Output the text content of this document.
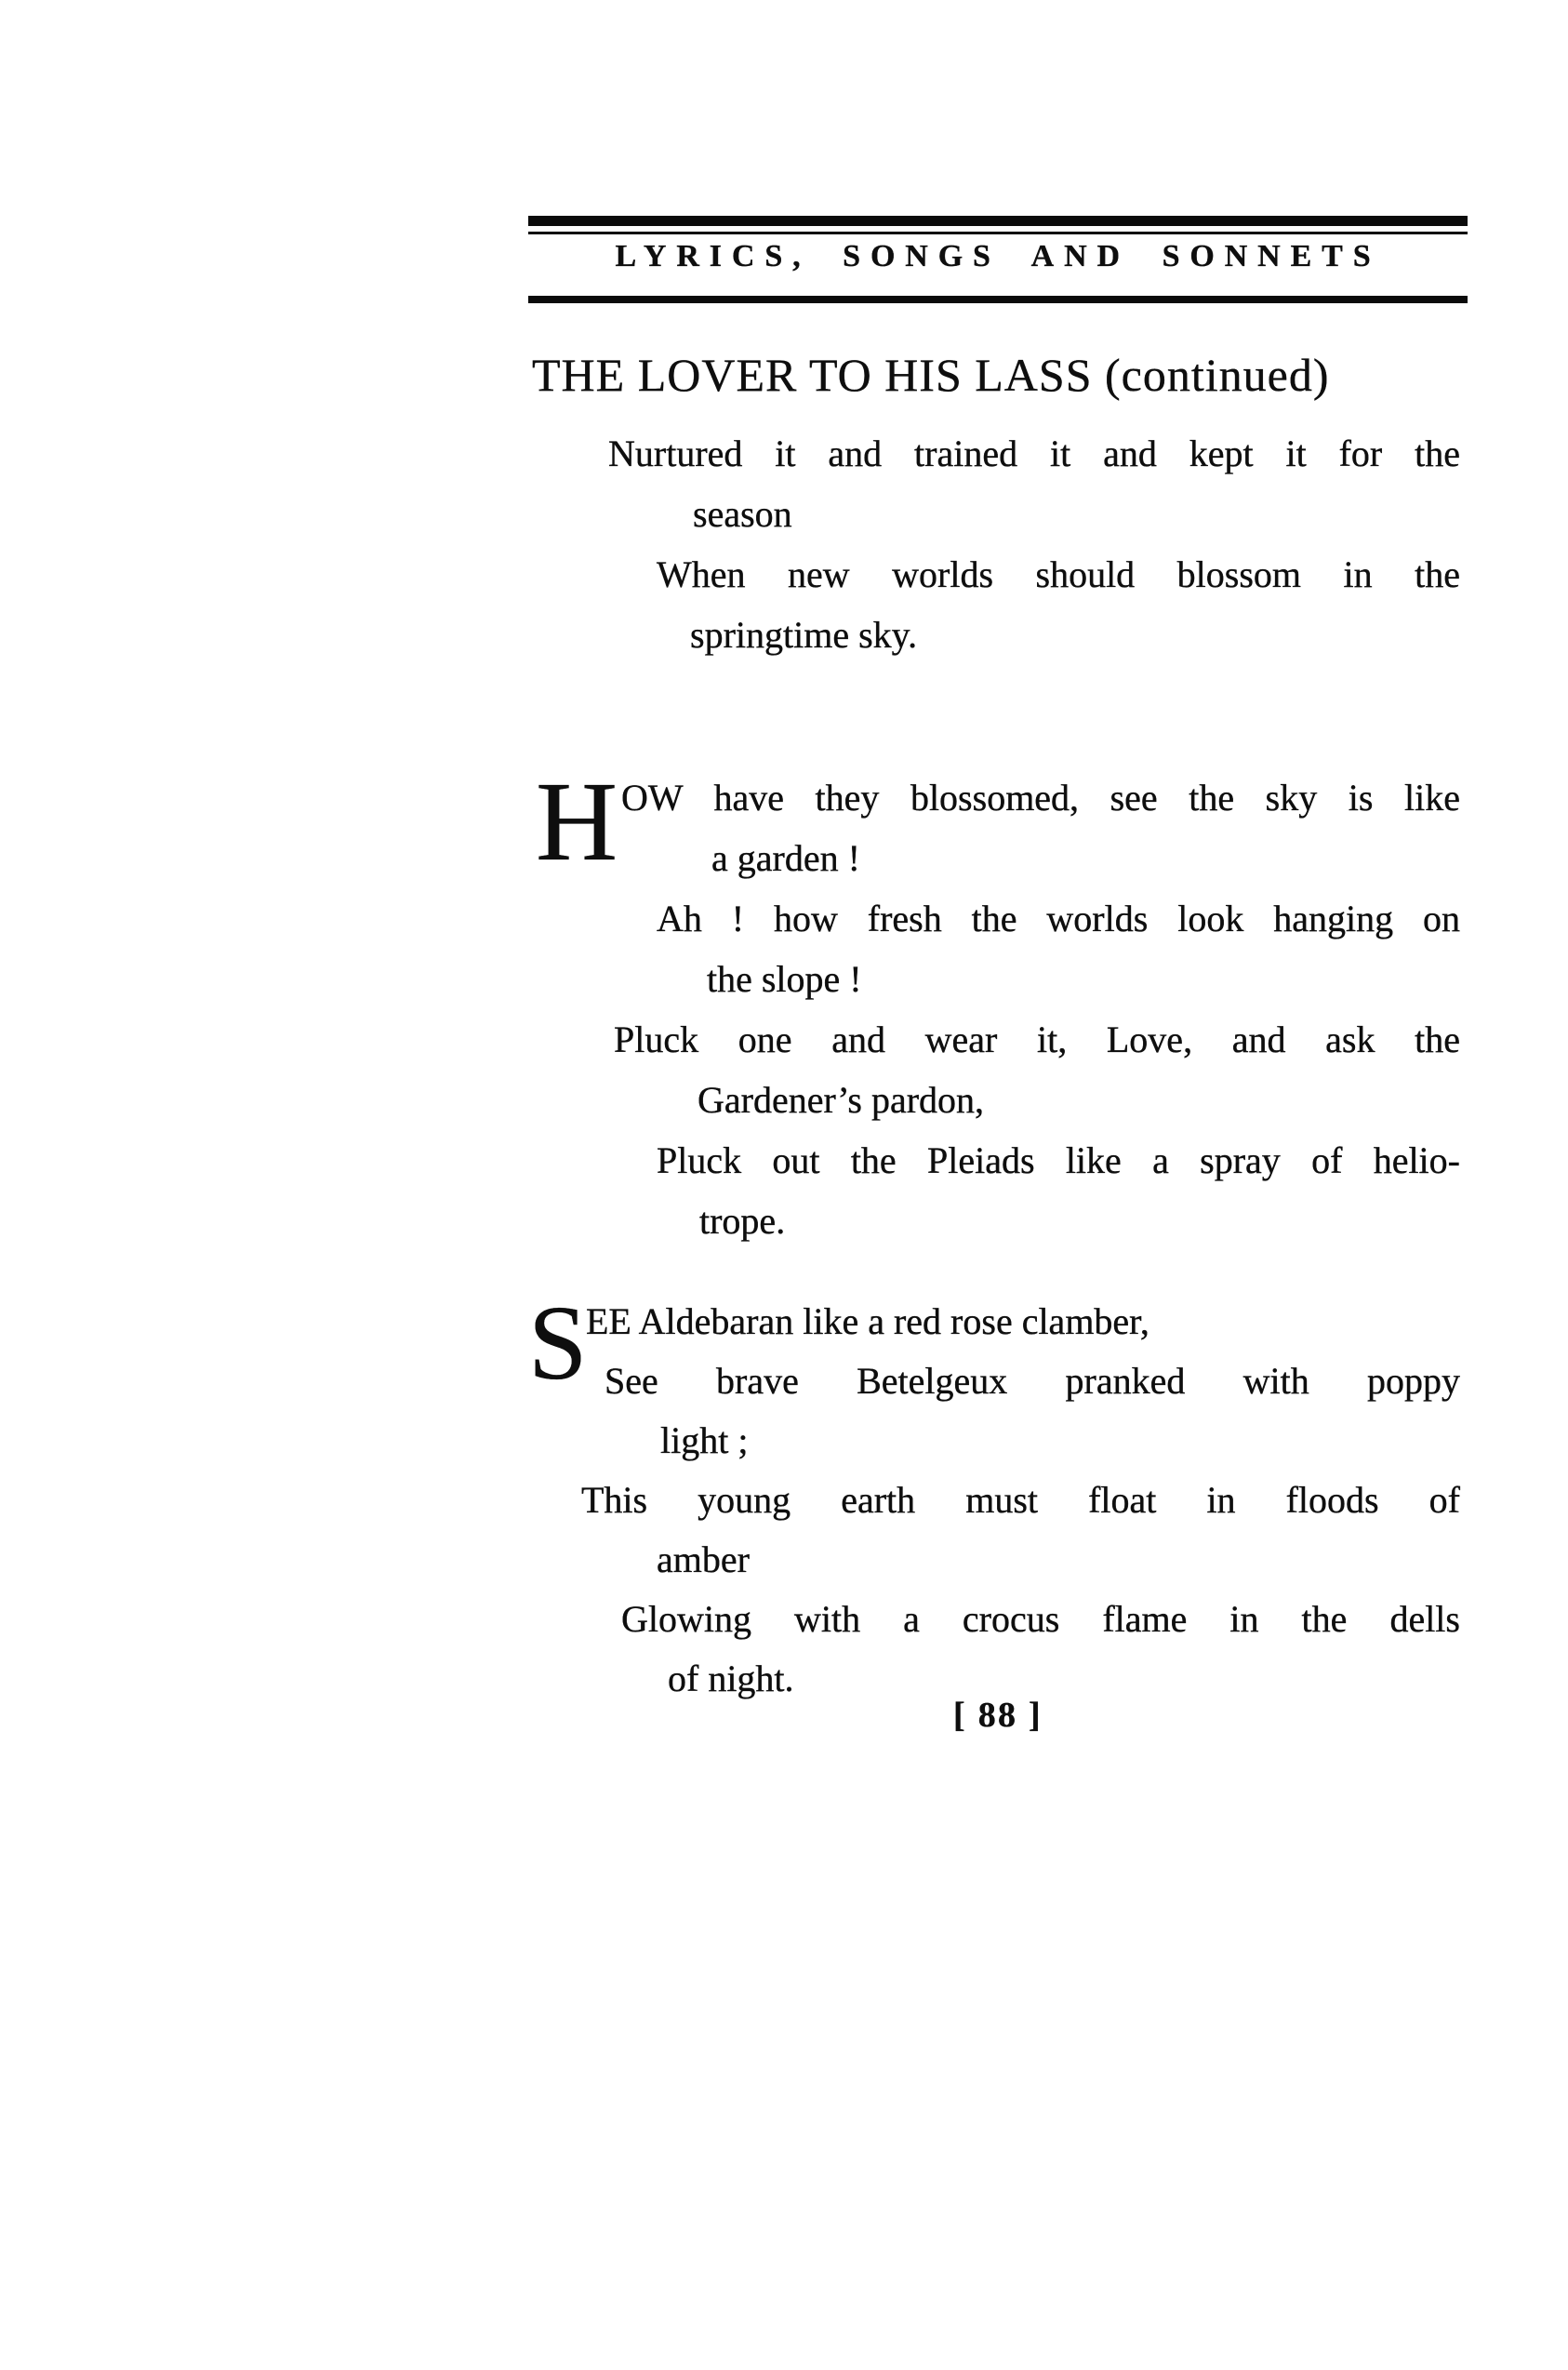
LYRICS, SONGS AND SONNETS
THE LOVER TO HIS LASS (continued)
Nurtured it and trained it and kept it for the
season
When new worlds should blossom in the
springtime sky.
H OW have they blossomed, see the sky is like
a garden !
Ah ! how fresh the worlds look hanging on
the slope !
Pluck one and wear it, Love, and ask the
Gardener’s pardon,
Pluck out the Pleiads like a spray of helio-
trope.
S
EE Aldebaran like a red rose clamber,
See brave Betelgeux pranked with poppy
light ;
This young earth must float in floods of
amber
Glowing with a crocus flame in the dells
of night.
[ 88 ]
